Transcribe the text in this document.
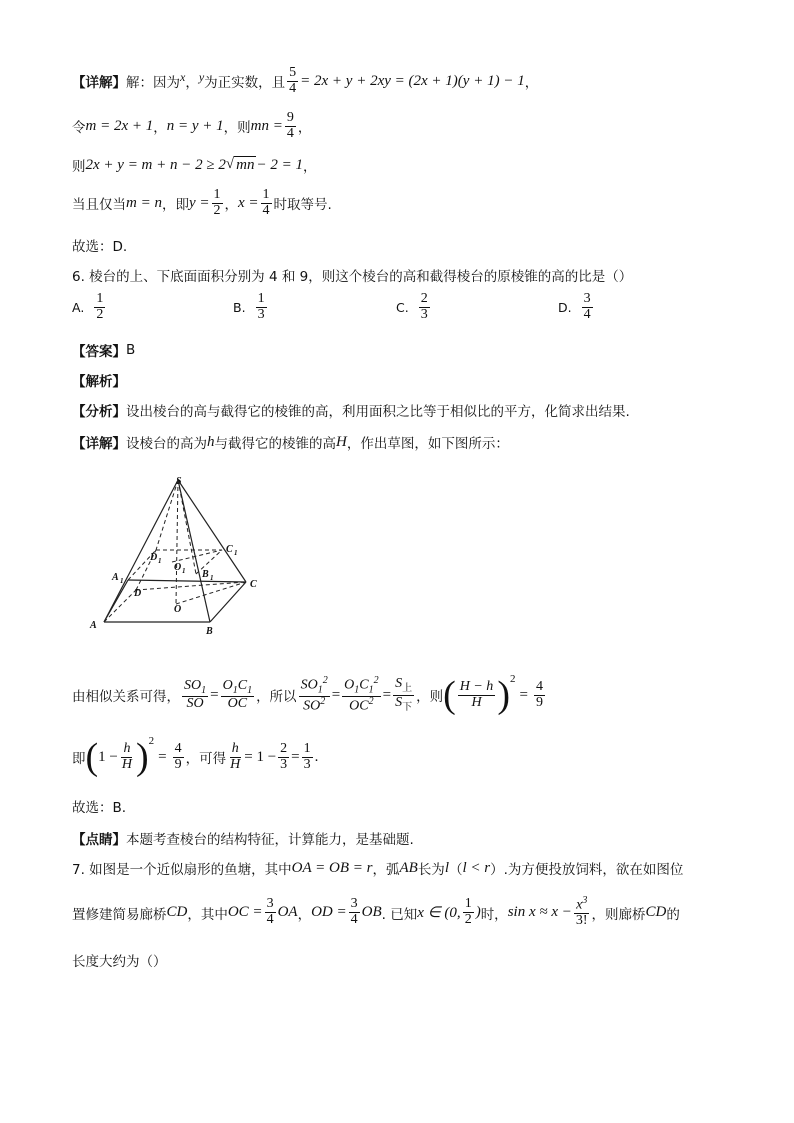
【详解】 解：因为 x ， y 为正实数，且 $\frac{5}{4} = 2x + y + 2xy = (2x + 1)(y + 1) - 1$ ，
令 m = 2x + 1 ， n = y + 1 ，则 mn = $\frac{9}{4}$ ，
则 2x + y = m + n − 2 ≥ 2 √ mn − 2 = 1 ，
当且仅当 m = n ，即 $y = \frac{1}{2}$ ， $x = \frac{1}{4}$ 时取等号.
故选：D.
6. 棱台的上、下底面面积分别为 4 和 9，则这个棱台的高和截得棱台的原棱锥的高的比是（）
A. $\frac{1}{2}$	B. $\frac{1}{3}$	C. $\frac{2}{3}$	D. $\frac{3}{4}$
【答案】 B
【解析】
【分析】 设出棱台的高与截得它的棱锥的高，利用面积之比等于相似比的平方，化简求出结果.
【详解】 设棱台的高为 h 与截得它的棱锥的高 H ，作出草图，如下图所示：
S
D 1
C 1
O 1 B 1
A 1
D
C
O
A
B
由相似关系可得， $\frac{SO_1}{SO} = \frac{O_1C_1}{OC}$ ，所以 $\frac{SO_1^2}{SO^2} = \frac{O_1C_1^2}{OC^2} = \frac{S_上}{S_下}$ ，则 ( $\frac{H - h}{H}$ ) 2
= $\frac{4}{9}$
即 ( $1 - \frac{h}{H}$ ) 2
= $\frac{4}{9}$ ，可得 $\frac{h}{H} = 1 - \frac{2}{3} = \frac{1}{3}$ .
故选：B.
【点睛】 本题考查棱台的结构特征，计算能力，是基础题.
7. 如图是一个近似扇形的鱼塘，其中 OA = OB = r ，弧 AB 长为 l （ l < r ）.为方便投放饲料，欲在如图位
置修建简易廊桥 CD ，其中 OC = $\frac{3}{4}$ OA ， OD = $\frac{3}{4}$ OB . 已知 x ∈ (0, $\frac{1}{2}$ ) 时， $\sin x \approx x - \frac{x^3}{3!}$ ，则廊桥 CD 的
长度大约为（）
